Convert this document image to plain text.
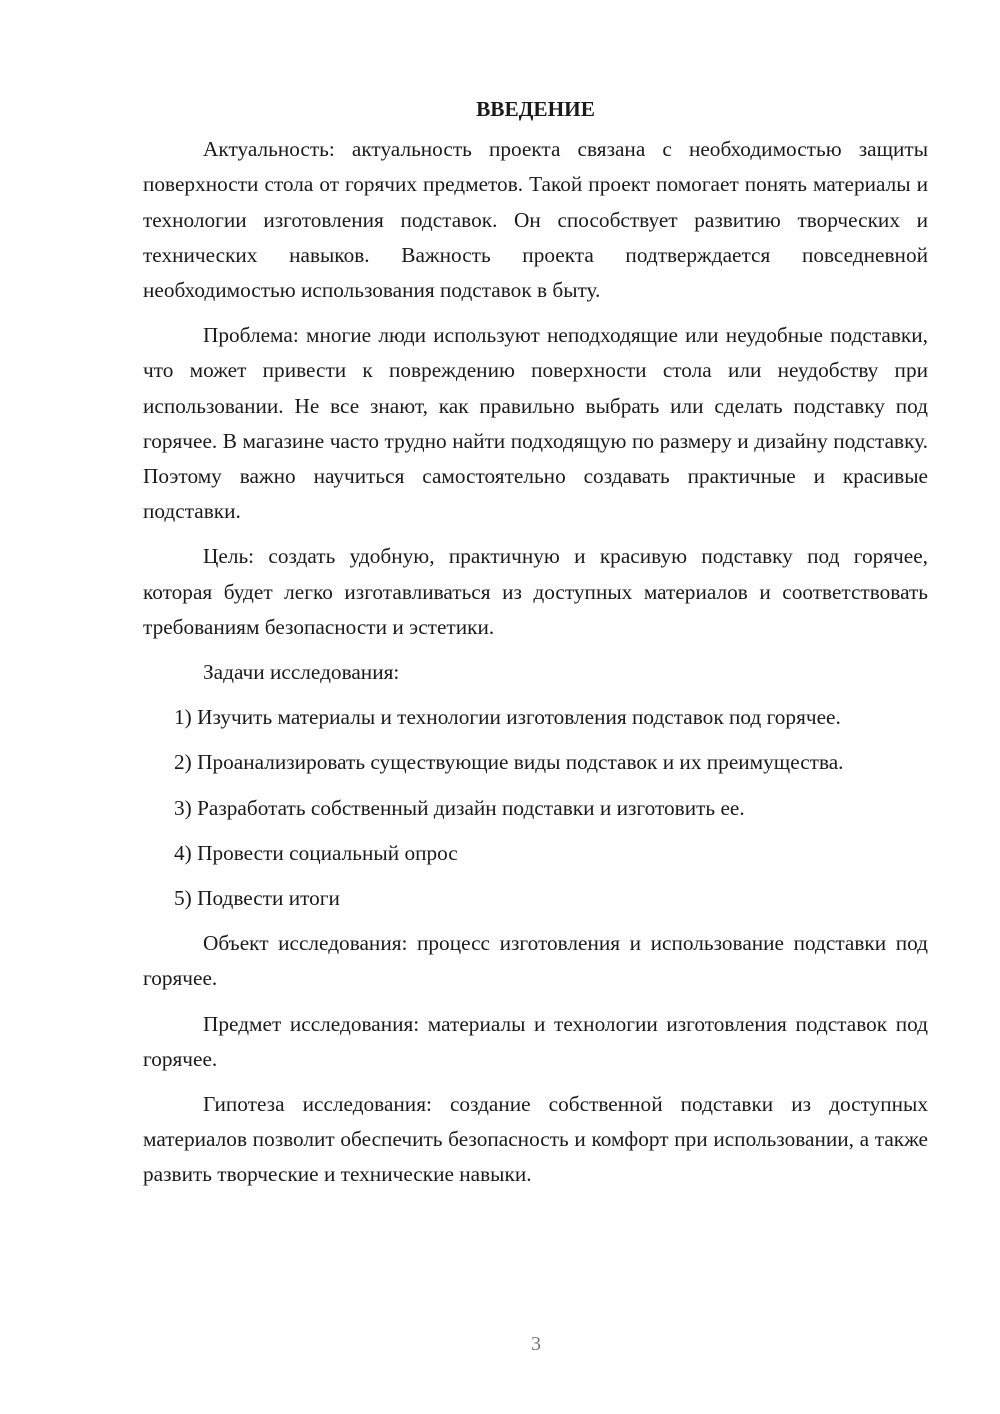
ВВЕДЕНИЕ

Актуальность: актуальность проекта связана с необходимостью защиты поверхности стола от горячих предметов. Такой проект помогает понять материалы и технологии изготовления подставок. Он способствует развитию творческих и технических навыков. Важность проекта подтверждается повседневной необходимостью использования подставок в быту.

Проблема: многие люди используют неподходящие или неудобные подставки, что может привести к повреждению поверхности стола или неудобству при использовании. Не все знают, как правильно выбрать или сделать подставку под горячее. В магазине часто трудно найти подходящую по размеру и дизайну подставку. Поэтому важно научиться самостоятельно создавать практичные и красивые подставки.

Цель: создать удобную, практичную и красивую подставку под горячее, которая будет легко изготавливаться из доступных материалов и соответствовать требованиям безопасности и эстетики.

Задачи исследования:

1) Изучить материалы и технологии изготовления подставок под горячее.

2) Проанализировать существующие виды подставок и их преимущества.

3) Разработать собственный дизайн подставки и изготовить ее.

4) Провести социальный опрос

5) Подвести итоги

Объект исследования: процесс изготовления и использование подставки под горячее.

Предмет исследования: материалы и технологии изготовления подставок под горячее.

Гипотеза исследования: создание собственной подставки из доступных материалов позволит обеспечить безопасность и комфорт при использовании, а также развить творческие и технические навыки.

3
